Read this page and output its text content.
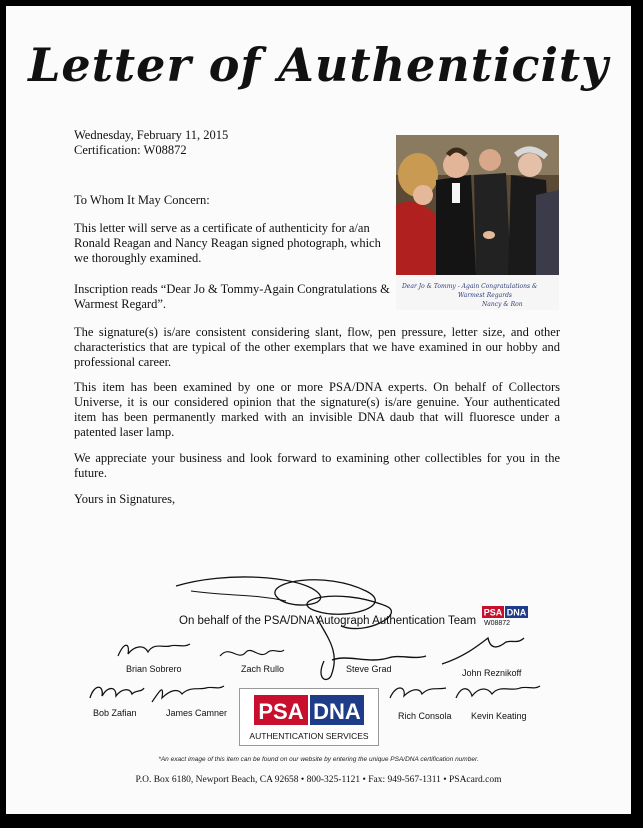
Letter of Authenticity
Wednesday, February 11, 2015
Certification: W08872
To Whom It May Concern:

This letter will serve as a certificate of authenticity for a/an Ronald Reagan and Nancy Reagan signed photograph, which we thoroughly examined.

Inscription reads “Dear Jo & Tommy-Again Congratulations & Warmest Regard”.

The signature(s) is/are consistent considering slant, flow, pen pressure, letter size, and other characteristics that are typical of the other exemplars that we have examined in our hobby and professional career.

This item has been examined by one or more PSA/DNA experts. On behalf of Collectors Universe, it is our considered opinion that the signature(s) is/are genuine. Your authenticated item has been permanently marked with an invisible DNA daub that will fluoresce under a patented laser lamp.

We appreciate your business and look forward to examining other collectibles for you in the future.

Yours in Signatures,
Dear Jo & Tommy - Again Congratulations &
Warmest Regards
Nancy & Ron
On behalf of the PSA/DNA Autograph Authentication Team
PSA DNA
W08872
Brian Sobrero	Zach Rullo	Steve Grad	John Reznikoff
Bob Zafian	James Camner	Rich Consola Kevin Keating
PSA DNA
AUTHENTICATION SERVICES
*An exact image of this item can be found on our website by entering the unique PSA/DNA certification number.
P.O. Box 6180, Newport Beach, CA 92658 • 800-325-1121 • Fax: 949-567-1311 • PSAcard.com
